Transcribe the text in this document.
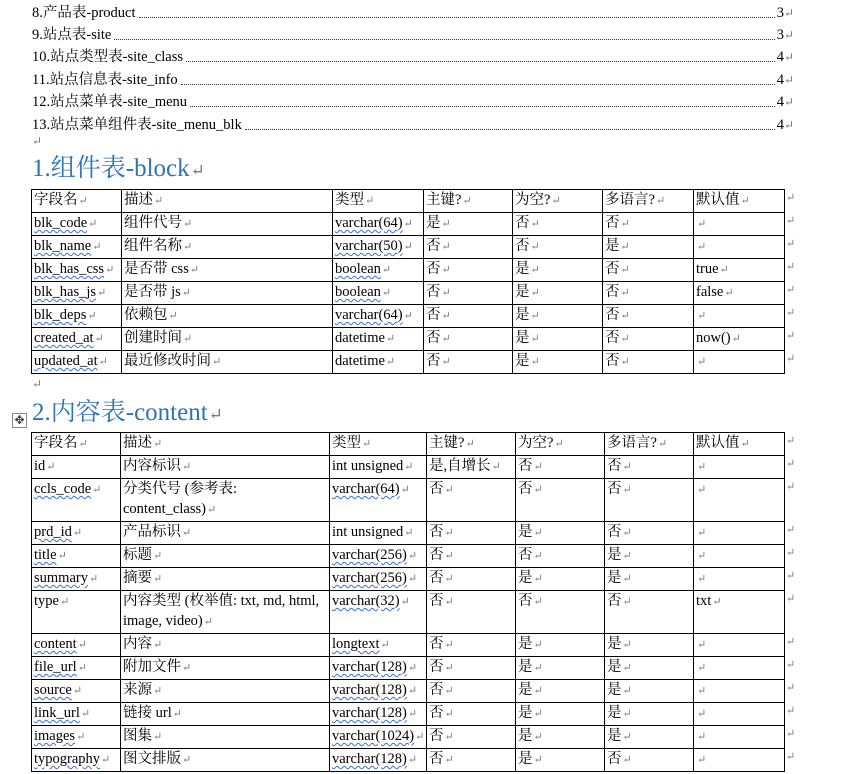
8.产品表-product	3↵
9.站点表-site	3↵
10.站点类型表-site_class	4↵
11.站点信息表-site_info	4↵
12.站点菜单表-site_menu	4↵
13.站点菜单组件表-site_menu_blk	4↵
↵
1.组件表-block↵
字段名↵	描述↵	类型↵	主键?↵	为空?↵	多语言?↵	默认值↵
blk_code↵	组件代号↵	varchar(64)↵	是↵	否↵	否↵	↵
blk_name↵	组件名称↵	varchar(50)↵	否↵	否↵	是↵	↵
blk_has_css↵	是否带 css↵	boolean↵	否↵	是↵	否↵	true↵
blk_has_js↵	是否带 js↵	boolean↵	否↵	是↵	否↵	false↵
blk_deps↵	依赖包↵	varchar(64)↵	否↵	是↵	否↵	↵
created_at↵	创建时间↵	datetime↵	否↵	是↵	否↵	now()↵
updated_at↵	最近修改时间↵	datetime↵	否↵	是↵	否↵	↵
↵
✥ 2.内容表-content↵
字段名↵	描述↵	类型↵	主键?↵	为空?↵	多语言?↵	默认值↵
id↵	内容标识↵	int unsigned↵	是,自增长↵	否↵	否↵	↵
ccls_code↵	分类代号 (参考表: content_class)↵	varchar(64)↵	否↵	否↵	否↵	↵
prd_id↵	产品标识↵	int unsigned↵	否↵	是↵	否↵	↵
title↵	标题↵	varchar(256)↵	否↵	否↵	是↵	↵
summary↵	摘要↵	varchar(256)↵	否↵	是↵	是↵	↵
type↵	内容类型 (枚举值: txt, md, html, image, video)↵	varchar(32)↵	否↵	否↵	否↵	txt↵
content↵	内容↵	longtext↵	否↵	是↵	是↵	↵
file_url↵	附加文件↵	varchar(128)↵	否↵	是↵	是↵	↵
source↵	来源↵	varchar(128)↵	否↵	是↵	是↵	↵
link_url↵	链接 url↵	varchar(128)↵	否↵	是↵	是↵	↵
images↵	图集↵	varchar(1024)↵	否↵	是↵	是↵	↵
typography↵	图文排版↵	varchar(128)↵	否↵	是↵	否↵	↵
↵
↵
↵
↵
↵
↵
↵
↵
↵
↵
↵
↵
↵
↵
↵
↵
↵
↵
↵
↵
↵
